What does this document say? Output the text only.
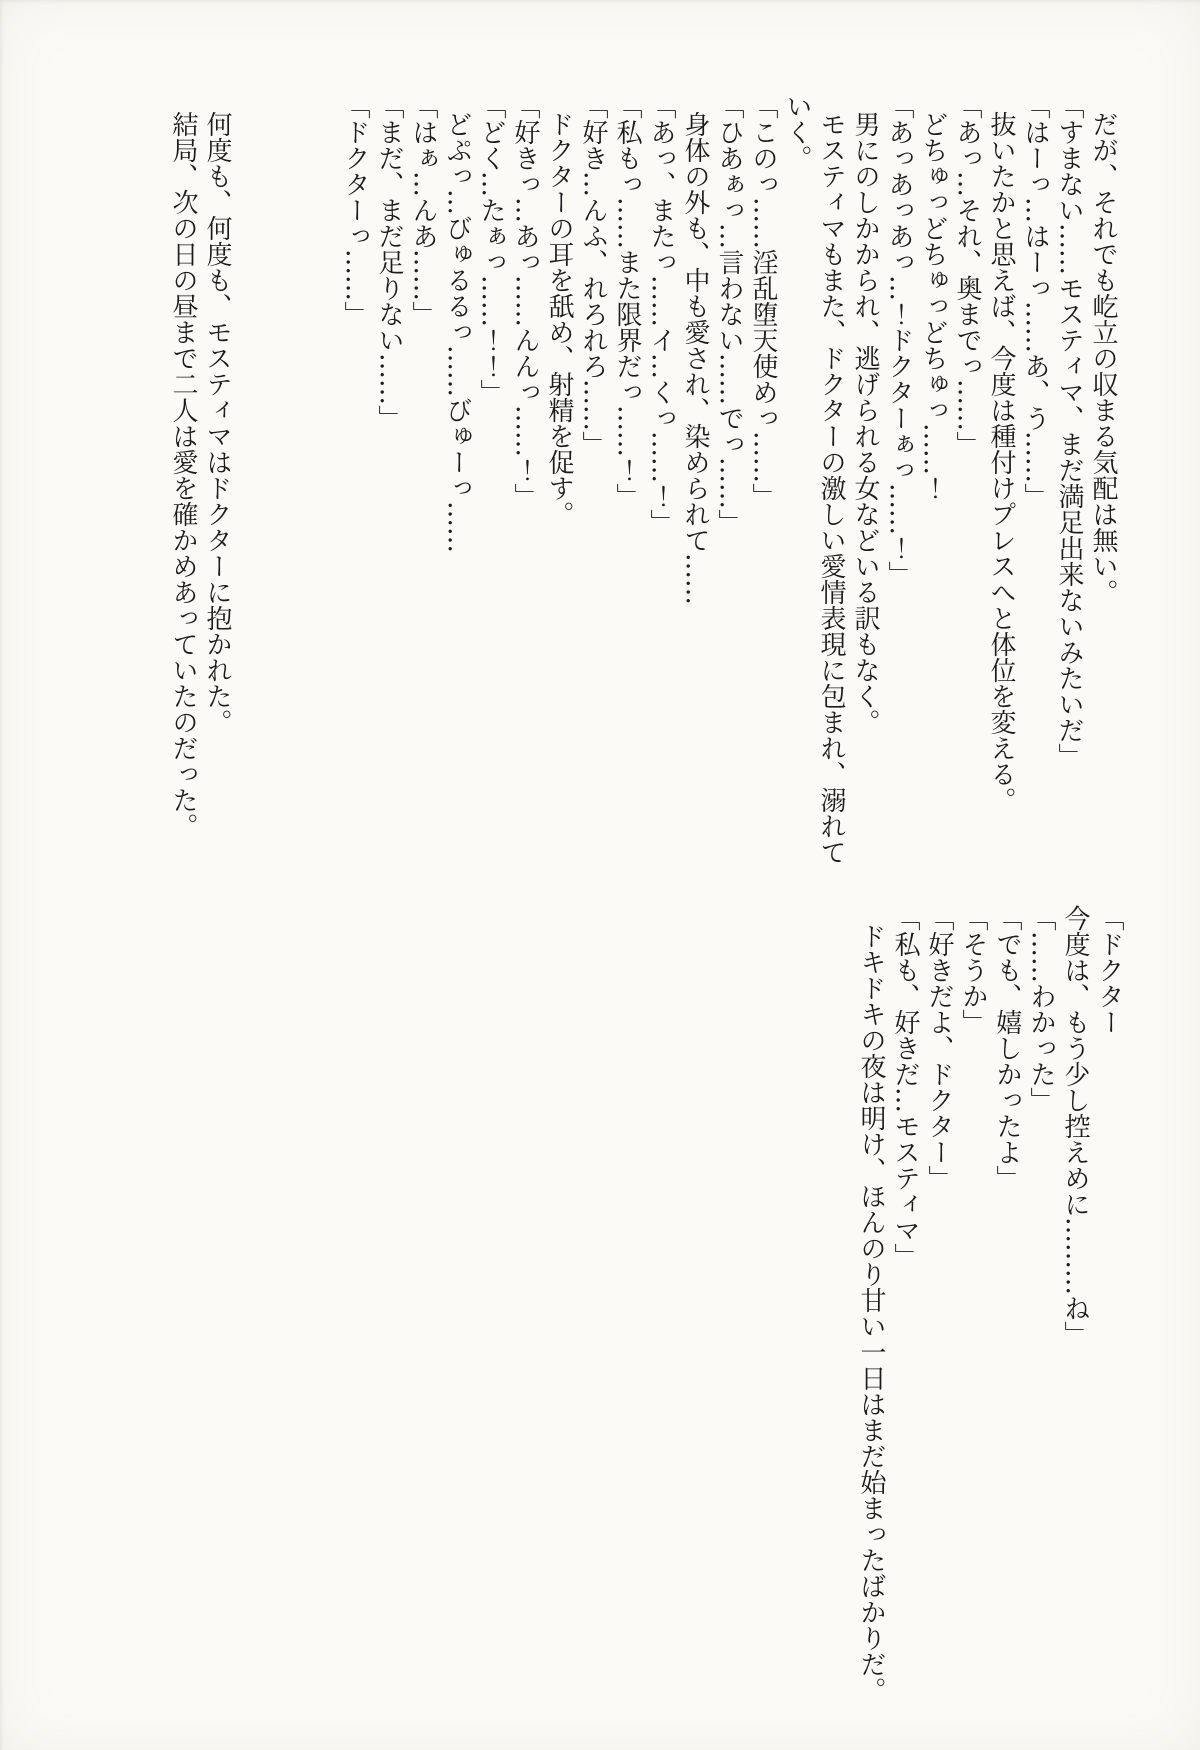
だが、それでも屹立の収まる気配は無い。

「すまない……モスティマ、まだ満足出来ないみたいだ」

「はーっ…はーっ……あ、う……」

抜いたかと思えば、今度は種付けプレスへと体位を変える。

「あっ…それ、奥までっ……」

どちゅっどちゅっどちゅっ……！

「あっあっあっ…！ドクターぁっ……！」

男にのしかかられ、逃げられる女などいる訳もなく。

モスティマもまた、ドクターの激しい愛情表現に包まれ、溺れて

いく。

「このっ……淫乱堕天使めっ……」

「ひあぁっ…言わない……でっ……」

身体の外も、中も愛され、染められて……

「あっ、またっ……イ…くっ……！」

「私もっ……また限界だっ……！」

「好き…んふ、れろれろ……」

ドクターの耳を舐め、射精を促す。

「好きっ…あっ……んんっ……！」

「どく…たぁっ……！！」

どぷっ…びゅるるっ……びゅーっ……

「はぁ…んあ……」

「まだ、まだ足りない……」

「ドクターっ……」

何度も、何度も、モスティマはドクターに抱かれた。

結局、次の日の昼まで二人は愛を確かめあっていたのだった。

「ドクター

今度は、もう少し控えめに………ね」

「……わかった」

「でも、嬉しかったよ」

「そうか」

「好きだよ、ドクター」

「私も、好きだ…モスティマ」

ドキドキの夜は明け、ほんのり甘い一日はまだ始まったばかりだ。
